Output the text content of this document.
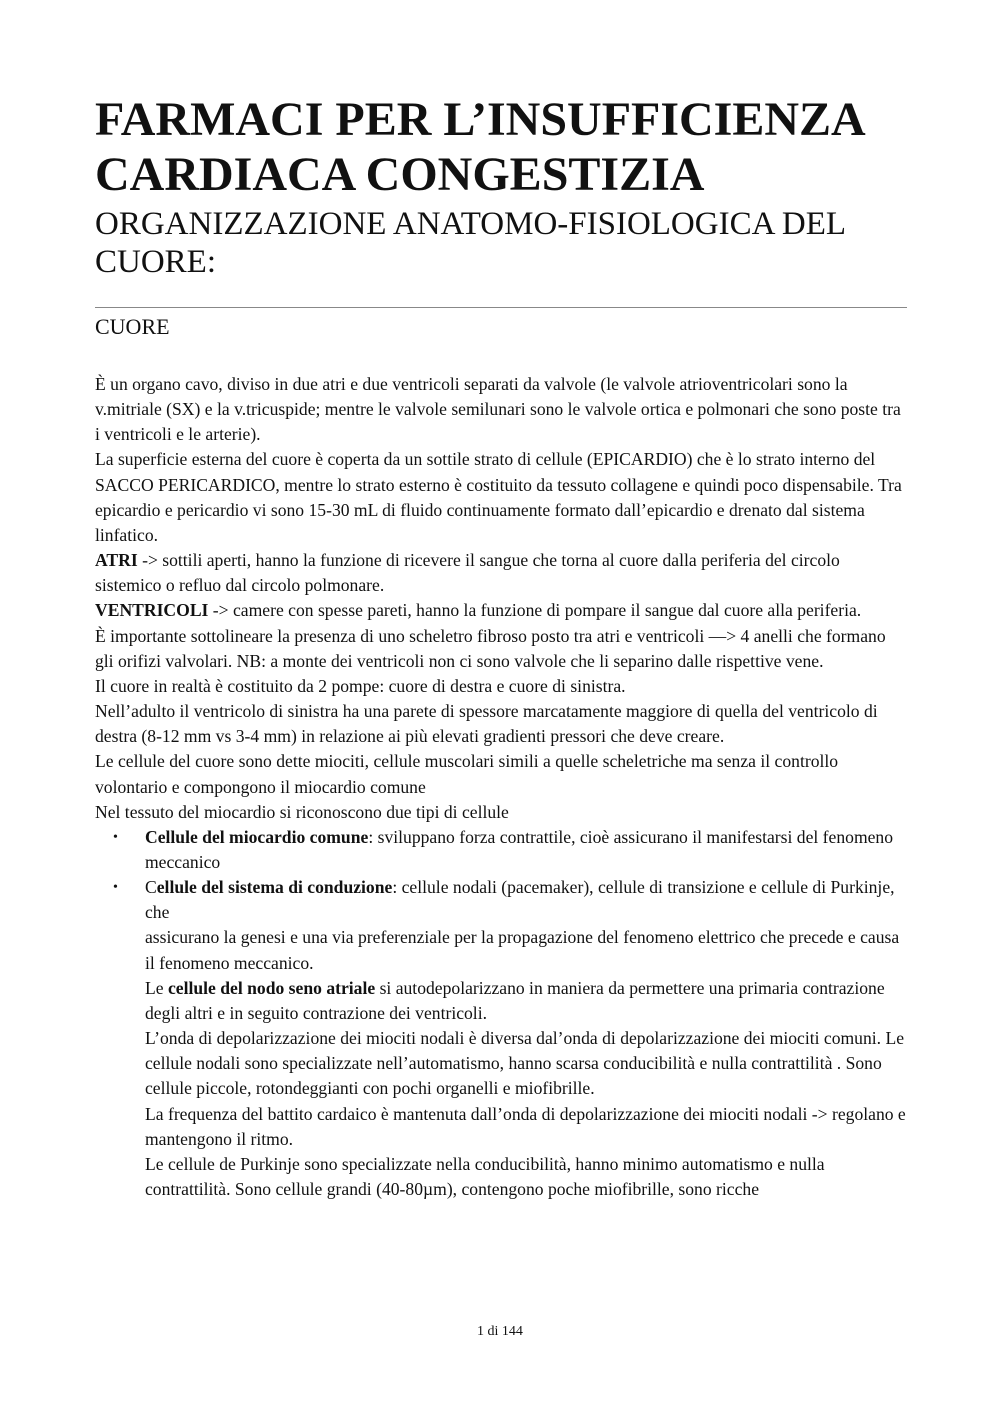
FARMACI PER L’INSUFFICIENZA CARDIACA CONGESTIZIA
ORGANIZZAZIONE ANATOMO-FISIOLOGICA DEL CUORE:
CUORE

È un organo cavo, diviso in due atri e due ventricoli separati da valvole (le valvole atrioventricolari sono la v.mitriale (SX) e la v.tricuspide; mentre le valvole semilunari sono le valvole ortica e polmonari che sono poste tra i ventricoli e le arterie).

La superficie esterna del cuore è coperta da un sottile strato di cellule (EPICARDIO) che è lo strato interno del SACCO PERICARDICO, mentre lo strato esterno è costituito da tessuto collagene e quindi poco dispensabile. Tra epicardio e pericardio vi sono 15-30 mL di fluido continuamente formato dall’epicardio e drenato dal sistema linfatico.

ATRI -> sottili aperti, hanno la funzione di ricevere il sangue che torna al cuore dalla periferia del circolo sistemico o refluo dal circolo polmonare.

VENTRICOLI -> camere con spesse pareti, hanno la funzione di pompare il sangue dal cuore alla periferia.

È importante sottolineare la presenza di uno scheletro fibroso posto tra atri e ventricoli —> 4 anelli che formano gli orifizi valvolari. NB: a monte dei ventricoli non ci sono valvole che li separino dalle rispettive vene.

Il cuore in realtà è costituito da 2 pompe: cuore di destra e cuore di sinistra.

Nell’adulto il ventricolo di sinistra ha una parete di spessore marcatamente maggiore di quella del ventricolo di destra (8-12 mm vs 3-4 mm) in relazione ai più elevati gradienti pressori che deve creare.

Le cellule del cuore sono dette miociti, cellule muscolari simili a quelle scheletriche ma senza il controllo volontario e compongono il miocardio comune

Nel tessuto del miocardio si riconoscono due tipi di cellule

• Cellule del miocardio comune: sviluppano forza contrattile, cioè assicurano il manifestarsi del fenomeno meccanico

• Cellule del sistema di conduzione: cellule nodali (pacemaker), cellule di transizione e cellule di Purkinje, che

assicurano la genesi e una via preferenziale per la propagazione del fenomeno elettrico che precede e causa il fenomeno meccanico.

Le cellule del nodo seno atriale si autodepolarizzano in maniera da permettere una primaria contrazione degli altri e in seguito contrazione dei ventricoli.

L’onda di depolarizzazione dei miociti nodali è diversa dal’onda di depolarizzazione dei miociti comuni. Le cellule nodali sono specializzate nell’automatismo, hanno scarsa conducibilità e nulla contrattilità . Sono cellule piccole, rotondeggianti con pochi organelli e miofibrille.

La frequenza del battito cardaico è mantenuta dall’onda di depolarizzazione dei miociti nodali -> regolano e mantengono il ritmo.

Le cellule de Purkinje sono specializzate nella conducibilità, hanno minimo automatismo e nulla contrattilità. Sono cellule grandi (40-80µm), contengono poche miofibrille, sono ricche

1 di 144
